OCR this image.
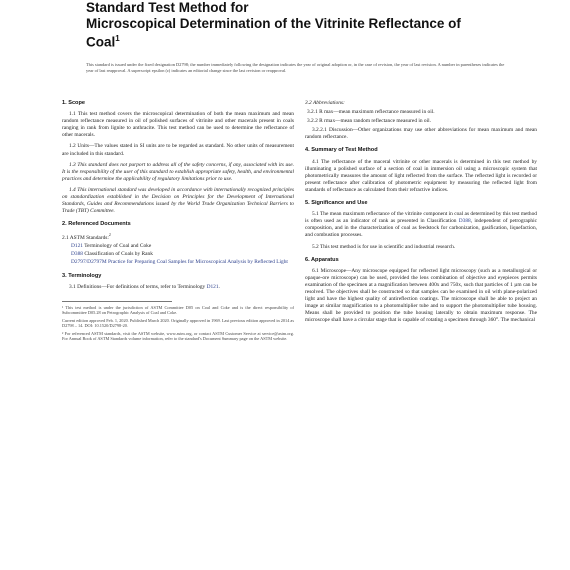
Standard Test Method for
Microscopical Determination of the Vitrinite Reflectance of
Coal$^1$
This standard is issued under the fixed designation D2798; the number immediately following the designation indicates the year of original adoption or, in the case of revision, the year of last revision. A number in parentheses indicates the year of last reapproval. A superscript epsilon (ε) indicates an editorial change since the last revision or reapproval.
1. Scope
1.1 This test method covers the microscopical determination of both the mean maximum and mean random reflectance measured in oil of polished surfaces of vitrinite and other macerals present in coals ranging in rank from lignite to anthracite. This test method can be used to determine the reflectance of other macerals.
1.2 Units—The values stated in SI units are to be regarded as standard. No other units of measurement are included in this standard.
1.3 This standard does not purport to address all of the safety concerns, if any, associated with its use. It is the responsibility of the user of this standard to establish appropriate safety, health, and environmental practices and determine the applicability of regulatory limitations prior to use.
1.4 This international standard was developed in accordance with internationally recognized principles on standardization established in the Decision on Principles for the Development of International Standards, Guides and Recommendations issued by the World Trade Organization Technical Barriers to Trade (TBT) Committee.
2. Referenced Documents
2.1 ASTM Standards:$^2$
D121 Terminology of Coal and Coke
D388 Classification of Coals by Rank
D2797/D2797M Practice for Preparing Coal Samples for Microscopical Analysis by Reflected Light
3. Terminology
3.1 Definitions—For definitions of terms, refer to Terminology D121.
¹ This test method is under the jurisdiction of ASTM Committee D05 on Coal and Coke and is the direct responsibility of Subcommittee D05.28 on Petrographic Analysis of Coal and Coke.
Current edition approved Feb. 1, 2020. Published March 2020. Originally approved in 1969. Last previous edition approved in 2014 as D2798 – 14. DOI: 10.1520/D2798-20.
² For referenced ASTM standards, visit the ASTM website, www.astm.org, or contact ASTM Customer Service at service@astm.org. For Annual Book of ASTM Standards volume information, refer to the standard's Document Summary page on the ASTM website.
3.2 Abbreviations:
3.2.1 R max—mean maximum reflectance measured in oil.
3.2.2 R rmax—mean random reflectance measured in oil.
3.2.2.1 Discussion—Other organizations may use other abbreviations for mean maximum and mean random reflectance.
4. Summary of Test Method
4.1 The reflectance of the maceral vitrinite or other macerals is determined in this test method by illuminating a polished surface of a section of coal in immersion oil using a microscopic system that photometrically measures the amount of light reflected from the surface. The reflected light is recorded or present reflectance after calibration of photometric equipment by measuring the reflected light from standards of reflectance as calculated from their refractive indices.
5. Significance and Use
5.1 The mean maximum reflectance of the vitrinite component in coal as determined by this test method is often used as an indicator of rank as presented in Classification D388, independent of petrographic composition, and in the characterization of coal as feedstock for carbonization, gasification, liquefaction, and combustion processes.
5.2 This test method is for use in scientific and industrial research.
6. Apparatus
6.1 Microscope—Any microscope equipped for reflected light microscopy (such as a metallurgical or opaque-ore microscope) can be used, provided the lens combination of objective and eyepieces permits examination of the specimen at a magnification between 400x and 750x, such that particles of 1 µm can be resolved. The objectives shall be constructed so that samples can be examined in oil with plane-polarized light and have the highest quality of antireflection coatings. The microscope shall be able to project an image at similar magnification to a photomultiplier tube and to support the photomultiplier tube housing. Means shall be provided to position the tube housing laterally to obtain maximum response. The microscope shall have a circular stage that is capable of rotating a specimen through 360°. The mechanical
